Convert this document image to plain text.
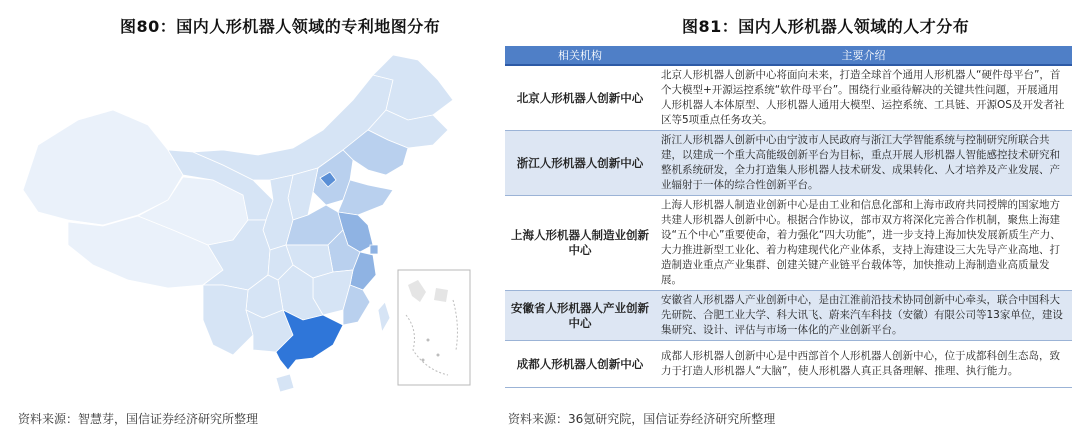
图80：国内人形机器人领域的专利地图分布	图81：国内人形机器人领域的人才分布
相关机构	主要介绍
北京人形机器人创新中心	北京人形机器人创新中心将面向未来，打造全球首个通用人形机器人“硬件母平台”，首个大模型+开源运控系统“软件母平台”。围绕行业亟待解决的关键共性问题，开展通用人形机器人本体原型、人形机器人通用大模型、运控系统、工具链、开源OS及开发者社区等5项重点任务攻关。
浙江人形机器人创新中心	浙江人形机器人创新中心由宁波市人民政府与浙江大学智能系统与控制研究所联合共建，以建成一个重大高能级创新平台为目标，重点开展人形机器人智能感控技术研究和整机系统研发，全力打造集人形机器人技术研发、成果转化、人才培养及产业发展、产业辐射于一体的综合性创新平台。
上海人形机器人制造业创新中心	上海人形机器人制造业创新中心是由工业和信息化部和上海市政府共同授牌的国家地方共建人形机器人创新中心。根据合作协议，部市双方将深化完善合作机制，聚焦上海建设“五个中心”重要使命，着力强化“四大功能”，进一步支持上海加快发展新质生产力、大力推进新型工业化、着力构建现代化产业体系，支持上海建设三大先导产业高地、打造制造业重点产业集群、创建关键产业链平台载体等，加快推动上海制造业高质量发展。
安徽省人形机器人产业创新中心	安徽省人形机器人产业创新中心，是由江淮前沿技术协同创新中心牵头，联合中国科大先研院、合肥工业大学、科大讯飞、蔚来汽车科技（安徽）有限公司等13家单位，建设集研究、设计、评估与市场一体化的产业创新平台。
成都人形机器人创新中心	成都人形机器人创新中心是中西部首个人形机器人创新中心，位于成都科创生态岛，致力于打造人形机器人“大脑”，使人形机器人真正具备理解、推理、执行能力。
资料来源：智慧芽，国信证券经济研究所整理	资料来源：36氪研究院，国信证券经济研究所整理
